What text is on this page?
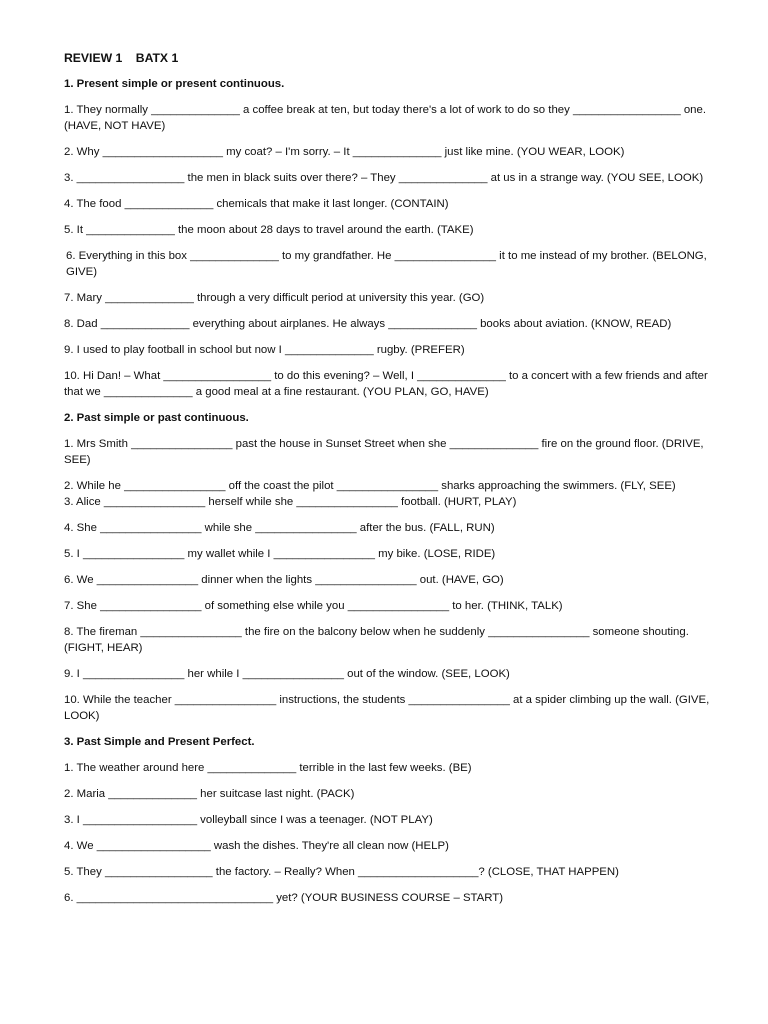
REVIEW 1    BATX 1
1. Present simple or present continuous.
1. They normally ______________ a coffee break at ten, but today there's a lot of work to do so they _________________ one. (HAVE, NOT HAVE)
2. Why ___________________ my coat? – I'm sorry. – It ______________ just like mine. (YOU WEAR, LOOK)
3. _________________ the men in black suits over there? – They ______________ at us in a strange way. (YOU SEE, LOOK)
4. The food ______________ chemicals that make it last longer. (CONTAIN)
5. It ______________ the moon about 28 days to travel around the earth. (TAKE)
6. Everything in this box ______________ to my grandfather. He ________________ it to me instead of my brother. (BELONG, GIVE)
7. Mary ______________ through a very difficult period at university this year. (GO)
8. Dad ______________ everything about airplanes. He always ______________ books about aviation. (KNOW, READ)
9. I used to play football in school but now I ______________ rugby. (PREFER)
10. Hi Dan! – What _________________ to do this evening? – Well, I ______________ to a concert with a few friends and after that we ______________ a good meal at a fine restaurant. (YOU PLAN, GO, HAVE)
2. Past simple or past continuous.
1. Mrs Smith ________________ past the house in Sunset Street when she ______________ fire on the ground floor. (DRIVE, SEE)
2. While he ________________ off the coast the pilot ________________ sharks approaching the swimmers. (FLY, SEE)
3. Alice ________________ herself while she ________________ football. (HURT, PLAY)
4. She ________________ while she ________________ after the bus. (FALL, RUN)
5. I ________________ my wallet while I ________________ my bike. (LOSE, RIDE)
6. We ________________ dinner when the lights ________________ out. (HAVE, GO)
7. She ________________ of something else while you ________________ to her. (THINK, TALK)
8. The fireman ________________ the fire on the balcony below when he suddenly ________________ someone shouting. (FIGHT, HEAR)
9. I ________________ her while I ________________ out of the window. (SEE, LOOK)
10. While the teacher ________________ instructions, the students ________________ at a spider climbing up the wall. (GIVE, LOOK)
3. Past Simple and Present Perfect.
1. The weather around here ______________ terrible in the last few weeks. (BE)
2. Maria ______________ her suitcase last night. (PACK)
3. I __________________ volleyball since I was a teenager. (NOT PLAY)
4. We __________________ wash the dishes. They're all clean now (HELP)
5. They _________________ the factory. – Really? When ___________________? (CLOSE, THAT HAPPEN)
6. _______________________________ yet? (YOUR BUSINESS COURSE – START)
